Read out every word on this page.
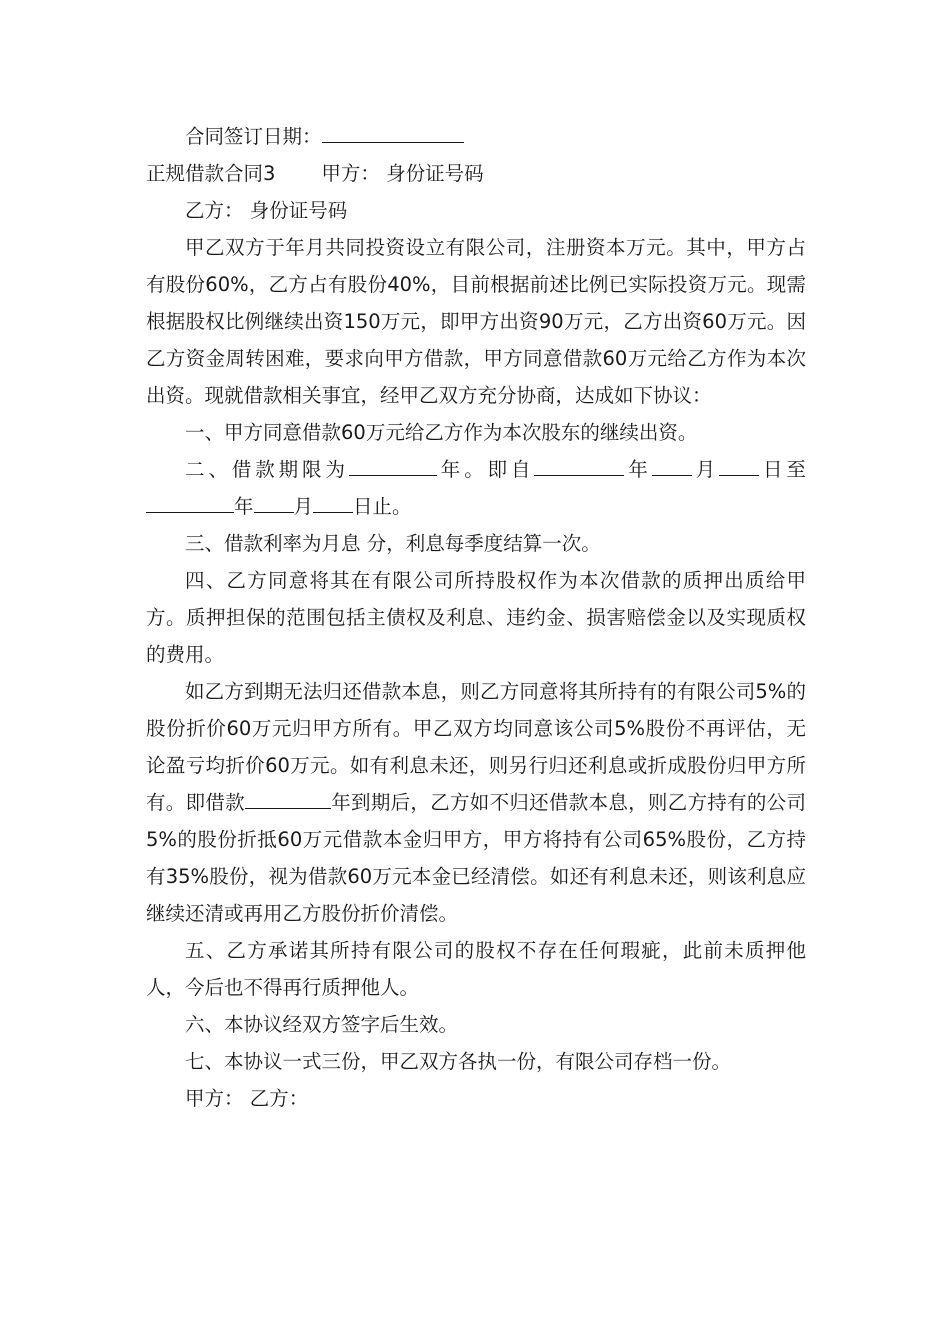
合同签订日期：

正规借款合同3 甲方： 身份证号码

乙方： 身份证号码

甲乙双方于年月共同投资设立有限公司，注册资本万元。其中，甲方占有股份60%，乙方占有股份40%，目前根据前述比例已实际投资万元。现需根据股权比例继续出资150万元，即甲方出资90万元，乙方出资60万元。因乙方资金周转困难，要求向甲方借款，甲方同意借款60万元给乙方作为本次出资。现就借款相关事宜，经甲乙双方充分协商，达成如下协议：

一、甲方同意借款60万元给乙方作为本次股东的继续出资。

二、借款期限为	年。即自	年 月 日至年 月 日止。

三、借款利率为月息 分，利息每季度结算一次。

四、乙方同意将其在有限公司所持股权作为本次借款的质押出质给甲方。质押担保的范围包括主债权及利息、违约金、损害赔偿金以及实现质权的费用。

如乙方到期无法归还借款本息，则乙方同意将其所持有的有限公司5%的股份折价60万元归甲方所有。甲乙双方均同意该公司5%股份不再评估，无论盈亏均折价60万元。如有利息未还，则另行归还利息或折成股份归甲方所有。即借款	年到期后，乙方如不归还借款本息，则乙方持有的公司5%的股份折抵60万元借款本金归甲方，甲方将持有公司65%股份，乙方持有35%股份，视为借款60万元本金已经清偿。如还有利息未还，则该利息应继续还清或再用乙方股份折价清偿。

五、乙方承诺其所持有限公司的股权不存在任何瑕疵，此前未质押他人，今后也不得再行质押他人。

六、本协议经双方签字后生效。

七、本协议一式三份，甲乙双方各执一份，有限公司存档一份。

甲方： 乙方：
